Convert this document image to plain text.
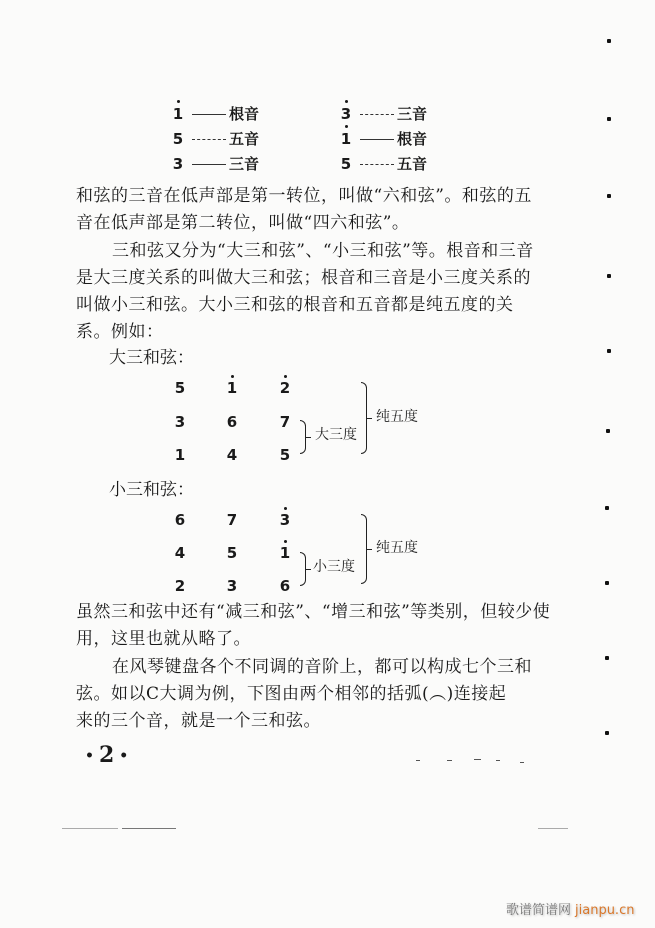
1	根音
5	五音
3	三音
3	三音
1	根音
5	五音
和弦的三音在低声部是第一转位，叫做“六和弦”。和弦的五
音在低声部是第二转位，叫做“四六和弦”。
三和弦又分为“大三和弦”、“小三和弦”等。根音和三音
是大三度关系的叫做大三和弦；根音和三音是小三度关系的
叫做小三和弦。大小三和弦的根音和五音都是纯五度的关
系。例如：
大三和弦：
5	1	2
3	6	7
1	4	5
大三度
纯五度
小三和弦：
6	7	3
4	5	1
2	3	6
小三度
纯五度
虽然三和弦中还有“减三和弦”、“增三和弦”等类别，但较少使
用，这里也就从略了。
在风琴键盘各个不同调的音阶上，都可以构成七个三和
弦。如以C大调为例，下图由两个相邻的括弧(︵)连接起
来的三个音，就是一个三和弦。
• 2 •
歌谱简谱网 jianpu.cn
